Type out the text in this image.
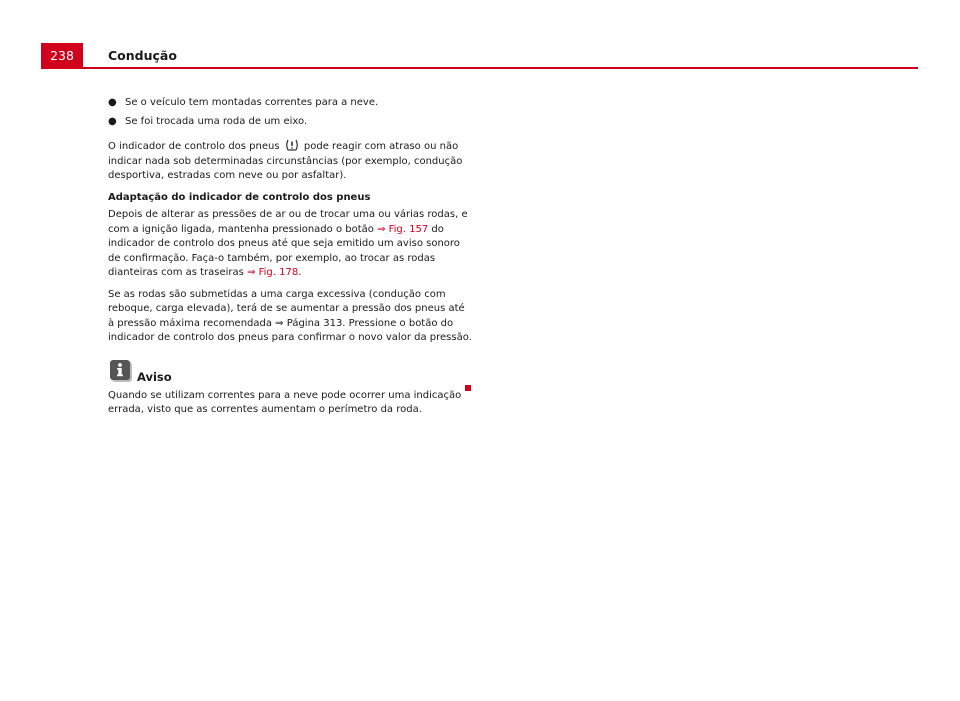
238	Condução
● Se o veículo tem montadas correntes para a neve.
● Se foi trocada uma roda de um eixo.

O indicador de controlo dos pneus  pode reagir com atraso ou não indicar nada sob determinadas circunstâncias (por exemplo, condução desportiva, estradas com neve ou por asfaltar).

Adaptação do indicador de controlo dos pneus

Depois de alterar as pressões de ar ou de trocar uma ou várias rodas, e com a ignição ligada, mantenha pressionado o botão ⇒ Fig. 157 do indicador de controlo dos pneus até que seja emitido um aviso sonoro de confirmação. Faça-o também, por exemplo, ao trocar as rodas dianteiras com as traseiras ⇒ Fig. 178.

Se as rodas são submetidas a uma carga excessiva (condução com reboque, carga elevada), terá de se aumentar a pressão dos pneus até à pressão máxima recomendada ⇒ Página 313. Pressione o botão do indicador de controlo dos pneus para confirmar o novo valor da pressão.

Aviso

Quando se utilizam correntes para a neve pode ocorrer uma indicação errada, visto que as correntes aumentam o perímetro da roda.
